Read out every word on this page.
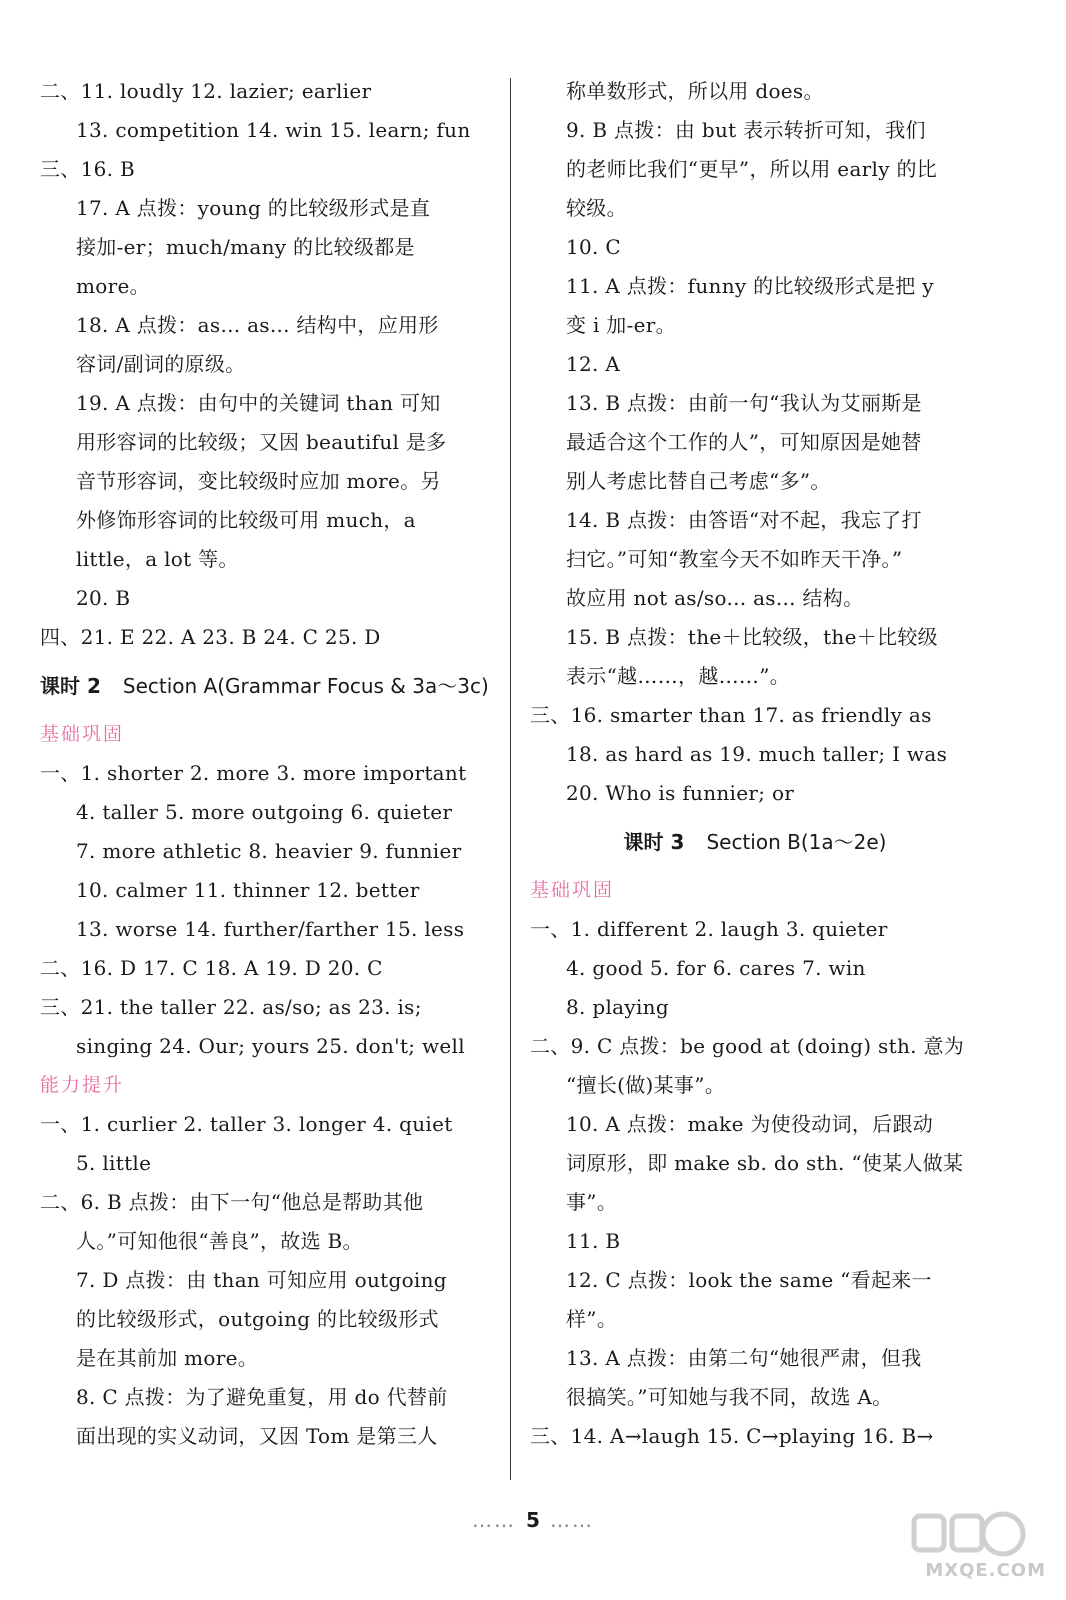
二、11. loudly 12. lazier; earlier
13. competition 14. win 15. learn; fun
三、16. B
17. A 点拨：young 的比较级形式是直
接加-er；much/many 的比较级都是
more。
18. A 点拨：as... as... 结构中，应用形
容词/副词的原级。
19. A 点拨：由句中的关键词 than 可知
用形容词的比较级；又因 beautiful 是多
音节形容词，变比较级时应加 more。另
外修饰形容词的比较级可用 much，a
little，a lot 等。
20. B
四、21. E 22. A 23. B 24. C 25. D
课时 2 Section A(Grammar Focus & 3a～3c)
基础巩固
一、1. shorter 2. more 3. more important
4. taller 5. more outgoing 6. quieter
7. more athletic 8. heavier 9. funnier
10. calmer 11. thinner 12. better
13. worse 14. further/farther 15. less
二、16. D 17. C 18. A 19. D 20. C
三、21. the taller 22. as/so; as 23. is;
singing 24. Our; yours 25. don't; well
能力提升
一、1. curlier 2. taller 3. longer 4. quiet
5. little
二、6. B 点拨：由下一句“他总是帮助其他
人。”可知他很“善良”，故选 B。
7. D 点拨：由 than 可知应用 outgoing
的比较级形式，outgoing 的比较级形式
是在其前加 more。
8. C 点拨：为了避免重复，用 do 代替前
面出现的实义动词，又因 Tom 是第三人
称单数形式，所以用 does。
9. B 点拨：由 but 表示转折可知，我们
的老师比我们“更早”，所以用 early 的比
较级。
10. C
11. A 点拨：funny 的比较级形式是把 y
变 i 加-er。
12. A
13. B 点拨：由前一句“我认为艾丽斯是
最适合这个工作的人”，可知原因是她替
别人考虑比替自己考虑“多”。
14. B 点拨：由答语“对不起，我忘了打
扫它。”可知“教室今天不如昨天干净。”
故应用 not as/so... as... 结构。
15. B 点拨：the＋比较级，the＋比较级
表示“越……，越……”。
三、16. smarter than 17. as friendly as
18. as hard as 19. much taller; I was
20. Who is funnier; or
课时 3 Section B(1a～2e)
基础巩固
一、1. different 2. laugh 3. quieter
4. good 5. for 6. cares 7. win
8. playing
二、9. C 点拨：be good at (doing) sth. 意为
“擅长(做)某事”。
10. A 点拨：make 为使役动词，后跟动
词原形，即 make sb. do sth. “使某人做某
事”。
11. B
12. C 点拨：look the same “看起来一
样”。
13. A 点拨：由第二句“她很严肃，但我
很搞笑。”可知她与我不同，故选 A。
三、14. A→laugh 15. C→playing 16. B→
…… 5 ……
MXQE.COM
